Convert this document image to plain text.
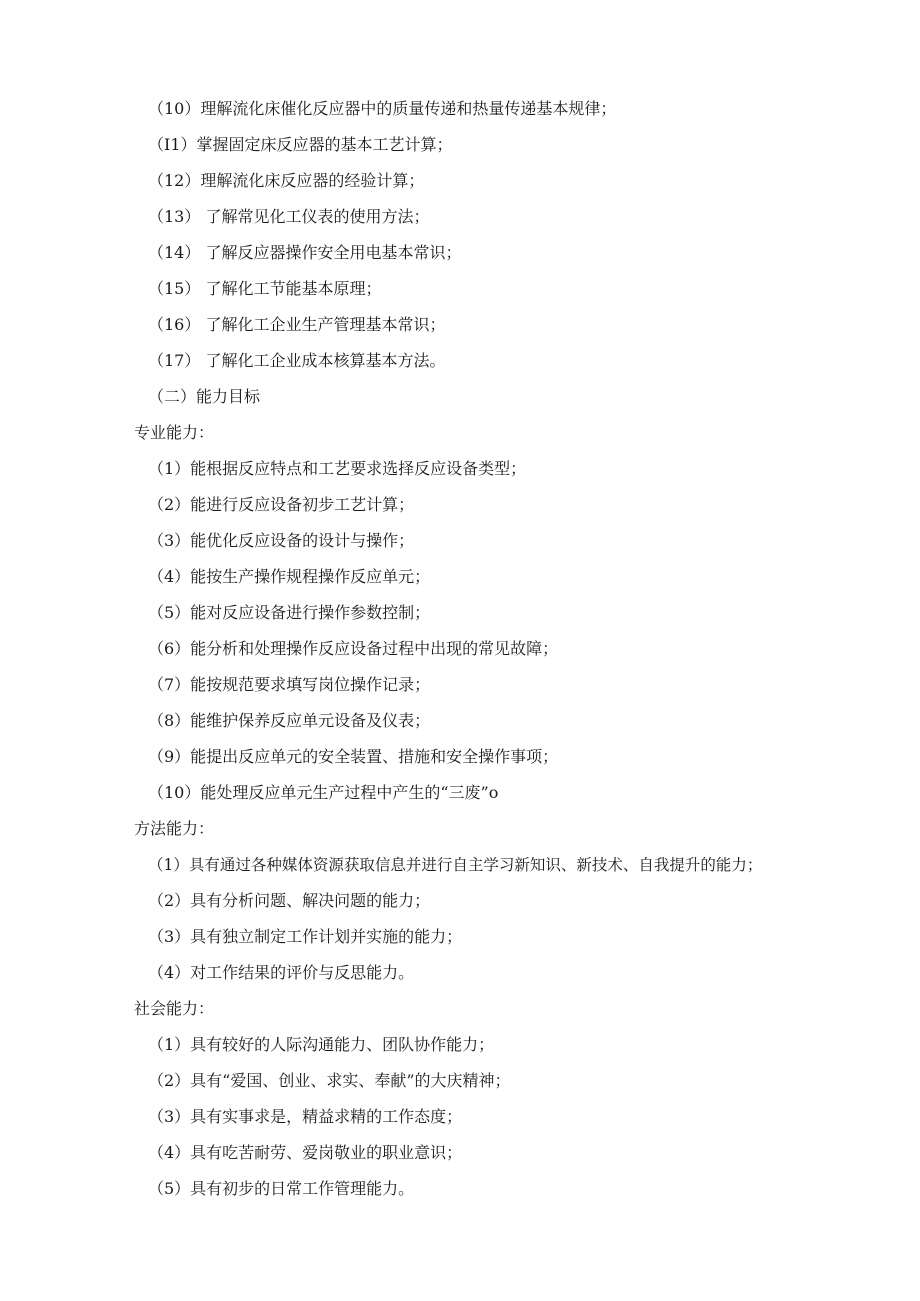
（10）理解流化床催化反应器中的质量传递和热量传递基本规律；
（I1）掌握固定床反应器的基本工艺计算；
（12）理解流化床反应器的经验计算；
（13） 了解常见化工仪表的使用方法；
（14） 了解反应器操作安全用电基本常识；
（15） 了解化工节能基本原理；
（16） 了解化工企业生产管理基本常识；
（17） 了解化工企业成本核算基本方法。
（二）能力目标
专业能力：
（1）能根据反应特点和工艺要求选择反应设备类型；
（2）能进行反应设备初步工艺计算；
（3）能优化反应设备的设计与操作；
（4）能按生产操作规程操作反应单元；
（5）能对反应设备进行操作参数控制；
（6）能分析和处理操作反应设备过程中出现的常见故障；
（7）能按规范要求填写岗位操作记录；
（8）能维护保养反应单元设备及仪表；
（9）能提出反应单元的安全装置、措施和安全操作事项；
（10）能处理反应单元生产过程中产生的“三废”o
方法能力：
（1）具有通过各种媒体资源获取信息并进行自主学习新知识、新技术、自我提升的能力；
（2）具有分析问题、解决问题的能力；
（3）具有独立制定工作计划并实施的能力；
（4）对工作结果的评价与反思能力。
社会能力：
（1）具有较好的人际沟通能力、团队协作能力；
（2）具有“爱国、创业、求实、奉献”的大庆精神；
（3）具有实事求是，精益求精的工作态度；
（4）具有吃苦耐劳、爱岗敬业的职业意识；
（5）具有初步的日常工作管理能力。
